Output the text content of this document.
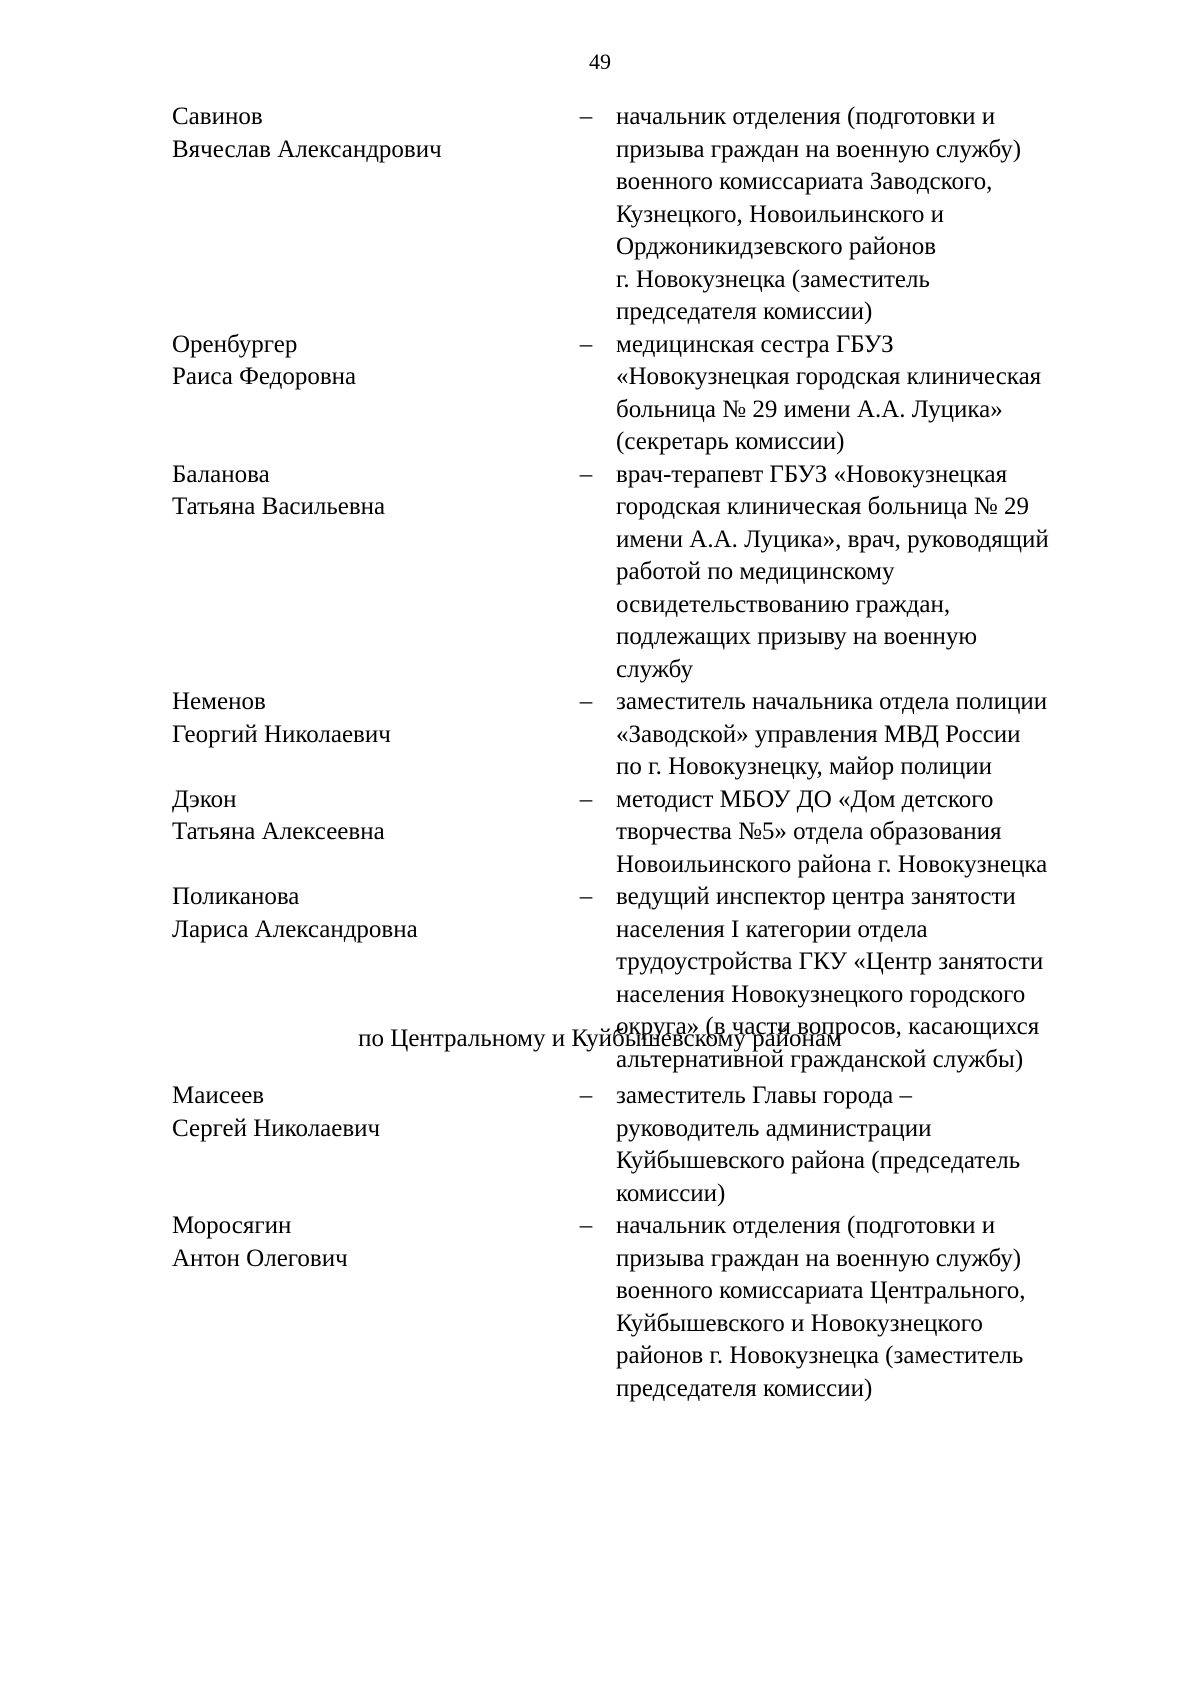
49
Савинов
Вячеслав Александрович
– начальник отделения (подготовки и
призыва граждан на военную службу)
военного комиссариата Заводского,
Кузнецкого, Новоильинского и
Орджоникидзевского районов
г. Новокузнецка (заместитель
председателя комиссии)
Оренбургер
Раиса Федоровна
– медицинская сестра ГБУЗ
«Новокузнецкая городская клиническая
больница № 29 имени А.А. Луцика»
(секретарь комиссии)
Баланова
Татьяна Васильевна
– врач-терапевт ГБУЗ «Новокузнецкая
городская клиническая больница № 29
имени А.А. Луцика», врач, руководящий
работой по медицинскому
освидетельствованию граждан,
подлежащих призыву на военную
службу
Неменов
Георгий Николаевич
– заместитель начальника отдела полиции
«Заводской» управления МВД России
по г. Новокузнецку, майор полиции
Дэкон
Татьяна Алексеевна
– методист МБОУ ДО «Дом детского
творчества №5» отдела образования
Новоильинского района г. Новокузнецка
Поликанова
Лариса Александровна
– ведущий инспектор центра занятости
населения I категории отдела
трудоустройства ГКУ «Центр занятости
населения Новокузнецкого городского
округа» (в части вопросов, касающихся
альтернативной гражданской службы)
по Центральному и Куйбышевскому районам
Маисеев
Сергей Николаевич
– заместитель Главы города –
руководитель администрации
Куйбышевского района (председатель
комиссии)
Моросягин
Антон Олегович
– начальник отделения (подготовки и
призыва граждан на военную службу)
военного комиссариата Центрального,
Куйбышевского и Новокузнецкого
районов г. Новокузнецка (заместитель
председателя комиссии)
